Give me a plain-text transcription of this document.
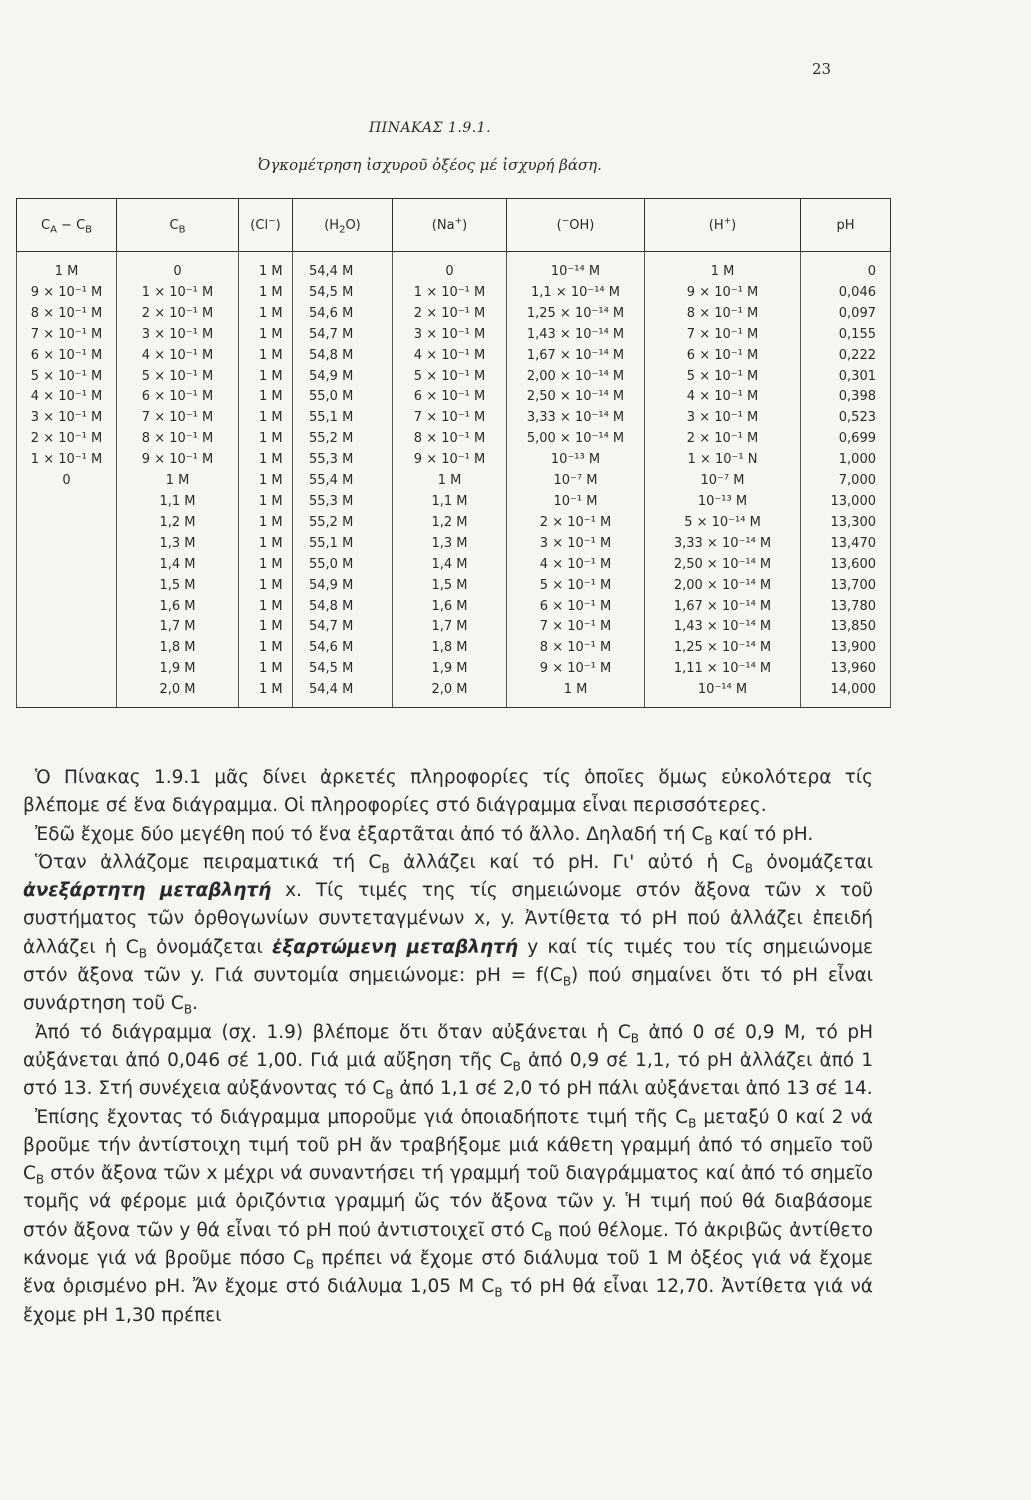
23
ΠΙΝΑΚΑΣ 1.9.1.
Ὀγκομέτρηση ἰσχυροῦ ὀξέος μέ ἰσχυρή βάση.
$C_A - C_B$	$C_B$	(Cl−)	$(H_2O)$	(Na+)	(−OH)	(H+)	pH
1 M	0	1 M	54,4 M	0	10⁻¹⁴ M	1 M	0
9 × 10⁻¹ M	1 × 10⁻¹ M	1 M	54,5 M	1 × 10⁻¹ M	1,1 × 10⁻¹⁴ M	9 × 10⁻¹ M	0,046
8 × 10⁻¹ M	2 × 10⁻¹ M	1 M	54,6 M	2 × 10⁻¹ M	1,25 × 10⁻¹⁴ M	8 × 10⁻¹ M	0,097
7 × 10⁻¹ M	3 × 10⁻¹ M	1 M	54,7 M	3 × 10⁻¹ M	1,43 × 10⁻¹⁴ M	7 × 10⁻¹ M	0,155
6 × 10⁻¹ M	4 × 10⁻¹ M	1 M	54,8 M	4 × 10⁻¹ M	1,67 × 10⁻¹⁴ M	6 × 10⁻¹ M	0,222
5 × 10⁻¹ M	5 × 10⁻¹ M	1 M	54,9 M	5 × 10⁻¹ M	2,00 × 10⁻¹⁴ M	5 × 10⁻¹ M	0,301
4 × 10⁻¹ M	6 × 10⁻¹ M	1 M	55,0 M	6 × 10⁻¹ M	2,50 × 10⁻¹⁴ M	4 × 10⁻¹ M	0,398
3 × 10⁻¹ M	7 × 10⁻¹ M	1 M	55,1 M	7 × 10⁻¹ M	3,33 × 10⁻¹⁴ M	3 × 10⁻¹ M	0,523
2 × 10⁻¹ M	8 × 10⁻¹ M	1 M	55,2 M	8 × 10⁻¹ M	5,00 × 10⁻¹⁴ M	2 × 10⁻¹ M	0,699
1 × 10⁻¹ M	9 × 10⁻¹ M	1 M	55,3 M	9 × 10⁻¹ M	10⁻¹³ M	1 × 10⁻¹ N	1,000
0	1 M	1 M	55,4 M	1 M	10⁻⁷ M	10⁻⁷ M	7,000
	1,1 M	1 M	55,3 M	1,1 M	10⁻¹ M	10⁻¹³ M	13,000
	1,2 M	1 M	55,2 M	1,2 M	2 × 10⁻¹ M	5 × 10⁻¹⁴ M	13,300
	1,3 M	1 M	55,1 M	1,3 M	3 × 10⁻¹ M	3,33 × 10⁻¹⁴ M	13,470
	1,4 M	1 M	55,0 M	1,4 M	4 × 10⁻¹ M	2,50 × 10⁻¹⁴ M	13,600
	1,5 M	1 M	54,9 M	1,5 M	5 × 10⁻¹ M	2,00 × 10⁻¹⁴ M	13,700
	1,6 M	1 M	54,8 M	1,6 M	6 × 10⁻¹ M	1,67 × 10⁻¹⁴ M	13,780
	1,7 M	1 M	54,7 M	1,7 M	7 × 10⁻¹ M	1,43 × 10⁻¹⁴ M	13,850
	1,8 M	1 M	54,6 M	1,8 M	8 × 10⁻¹ M	1,25 × 10⁻¹⁴ M	13,900
	1,9 M	1 M	54,5 M	1,9 M	9 × 10⁻¹ M	1,11 × 10⁻¹⁴ M	13,960
	2,0 M	1 M	54,4 M	2,0 M	1 M	10⁻¹⁴ M	14,000

Ὁ Πίνακας 1.9.1 μᾶς δίνει ἀρκετές πληροφορίες τίς ὁποῖες ὅμως εὐκολότερα τίς βλέπομε σέ ἕνα διάγραμμα. Οἱ πληροφορίες στό διάγραμμα εἶναι περισσότερες.

Ἐδῶ ἔχομε δύο μεγέθη πού τό ἕνα ἐξαρτᾶται ἀπό τό ἄλλο. Δηλαδή τή $C_B$ καί τό pH.

Ὅταν ἀλλάζομε πειραματικά τή $C_B$ ἀλλάζει καί τό pH. Γι' αὐτό ἡ $C_B$ ὀνομάζεται ἀνεξάρτητη μεταβλητή x. Τίς τιμές της τίς σημειώνομε στόν ἄξονα τῶν x τοῦ συστήματος τῶν ὀρθογωνίων συντεταγμένων x, y. Ἀντίθετα τό pH πού ἀλλάζει ἐπειδή ἀλλάζει ἡ $C_B$ ὀνομάζεται ἐξαρτώμενη μεταβλητή y καί τίς τιμές του τίς σημειώνομε στόν ἄξονα τῶν y. Γιά συντομία σημειώνομε: pH = $f(C_B)$ πού σημαίνει ὅτι τό pH εἶναι συνάρτηση τοῦ $C_B$.

Ἀπό τό διάγραμμα (σχ. 1.9) βλέπομε ὅτι ὅταν αὐξάνεται ἡ $C_B$ ἀπό 0 σέ 0,9 M, τό pH αὐξάνεται ἀπό 0,046 σέ 1,00. Γιά μιά αὔξηση τῆς $C_B$ ἀπό 0,9 σέ 1,1, τό pH ἀλλάζει ἀπό 1 στό 13. Στή συνέχεια αὐξάνοντας τό $C_B$ ἀπό 1,1 σέ 2,0 τό pH πάλι αὐξάνεται ἀπό 13 σέ 14.

Ἐπίσης ἔχοντας τό διάγραμμα μποροῦμε γιά ὁποιαδήποτε τιμή τῆς $C_B$ μεταξύ 0 καί 2 νά βροῦμε τήν ἀντίστοιχη τιμή τοῦ pH ἄν τραβήξομε μιά κάθετη γραμμή ἀπό τό σημεῖο τοῦ $C_B$ στόν ἄξονα τῶν x μέχρι νά συναντήσει τή γραμμή τοῦ διαγράμματος καί ἀπό τό σημεῖο τομῆς νά φέρομε μιά ὁριζόντια γραμμή ὥς τόν ἄξονα τῶν y. Ἡ τιμή πού θά διαβάσομε στόν ἄξονα τῶν y θά εἶναι τό pH πού ἀντιστοιχεῖ στό $C_B$ πού θέλομε. Τό ἀκριβῶς ἀντίθετο κάνομε γιά νά βροῦμε πόσο $C_B$ πρέπει νά ἔχομε στό διάλυμα τοῦ 1 M ὀξέος γιά νά ἔχομε ἕνα ὁρισμένο pH. Ἄν ἔχομε στό διάλυμα 1,05 M $C_B$ τό pH θά εἶναι 12,70. Ἀντίθετα γιά νά ἔχομε pH 1,30 πρέπει
